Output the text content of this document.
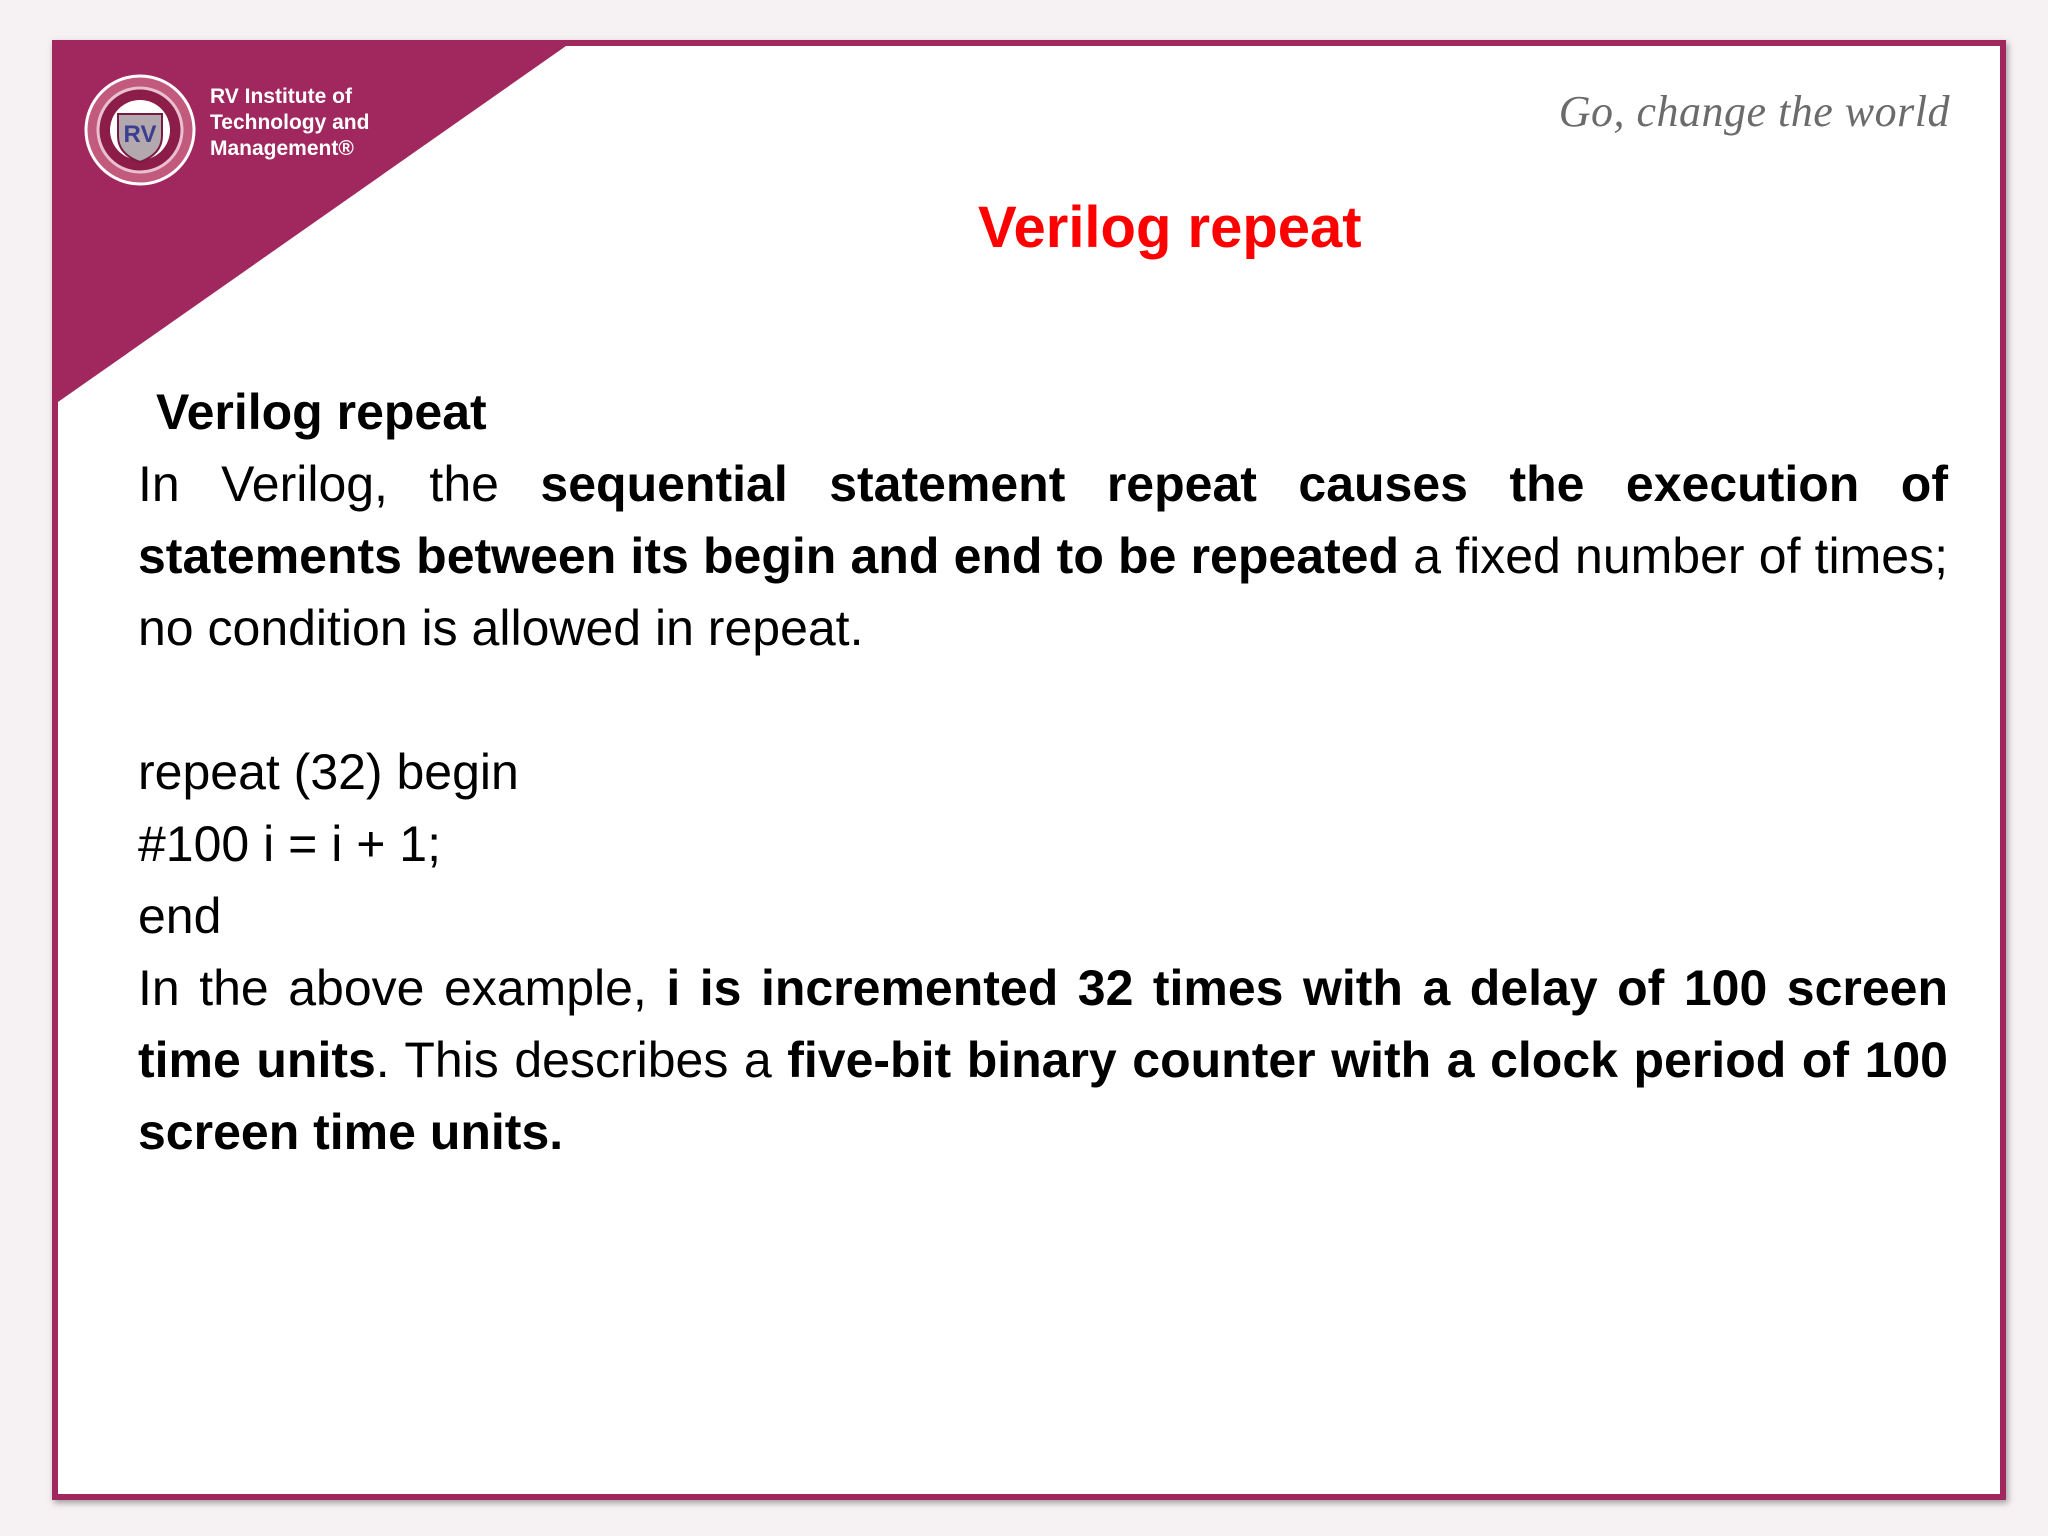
RV
RV Institute of
Technology and
Management®
Go, change the world
Verilog repeat

Verilog repeat

In Verilog, the sequential statement repeat causes the execution of statements between its begin and end to be repeated a fixed number of times; no condition is allowed in repeat.

repeat (32) begin

#100 i = i + 1;

end

In the above example, i is incremented 32 times with a delay of 100 screen time units. This describes a five-bit binary counter with a clock period of 100 screen time units.
